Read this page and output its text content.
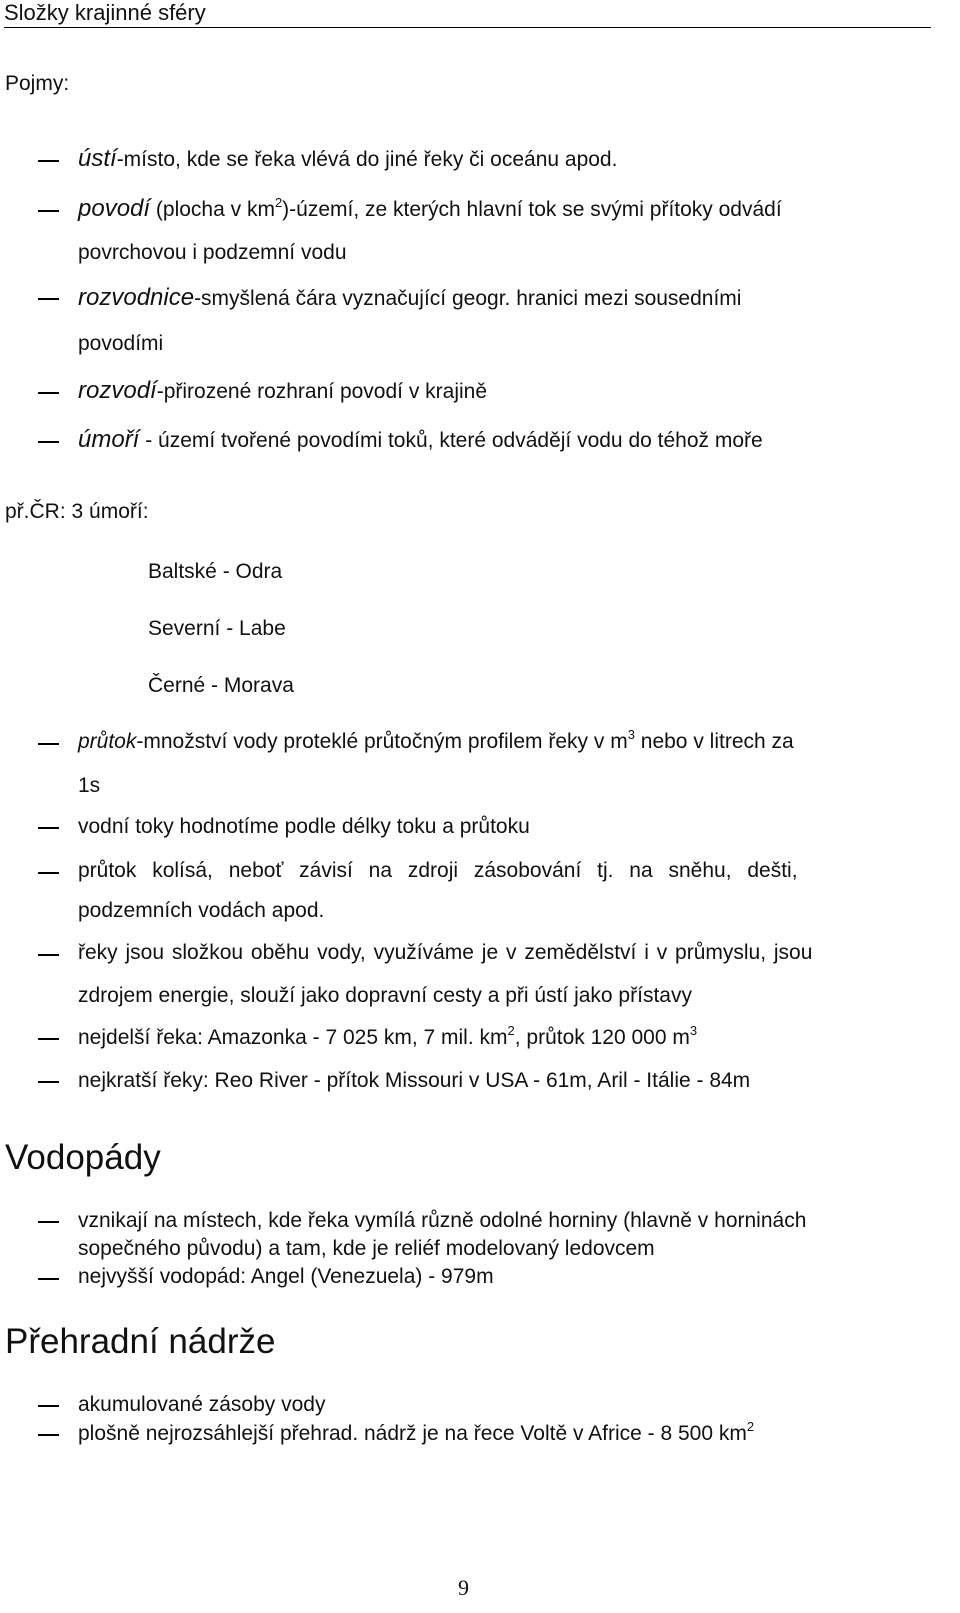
Složky krajinné sféry
Pojmy:
ústí-místo, kde se řeka vlévá do jiné řeky či oceánu apod.
povodí (plocha v $km^2$)-území, ze kterých hlavní tok se svými přítoky odvádí
povrchovou i podzemní vodu
rozvodnice-smyšlená čára vyznačující geogr. hranici mezi sousedními
povodími
rozvodí-přirozené rozhraní povodí v krajině
úmoří - území tvořené povodími toků, které odvádějí vodu do téhož moře
př.ČR: 3 úmoří:
Baltské - Odra
Severní - Labe
Černé - Morava
průtok-množství vody proteklé průtočným profilem řeky v $m^3$ nebo v litrech za
1s
vodní toky hodnotíme podle délky toku a průtoku
průtok kolísá, neboť závisí na zdroji zásobování tj. na sněhu, dešti,
podzemních vodách apod.
řeky jsou složkou oběhu vody, využíváme je v zemědělství i v průmyslu, jsou
zdrojem energie, slouží jako dopravní cesty a při ústí jako přístavy
nejdelší řeka: Amazonka - 7 025 km, 7 mil. $km^2$, průtok 120 000 $m^3$
nejkratší řeky: Reo River - přítok Missouri v USA - 61m, Aril - Itálie - 84m
Vodopády
vznikají na místech, kde řeka vymílá různě odolné horniny (hlavně v horninách
sopečného původu) a tam, kde je reliéf modelovaný ledovcem
nejvyšší vodopád: Angel (Venezuela) - 979m
Přehradní nádrže
akumulované zásoby vody
plošně nejrozsáhlejší přehrad. nádrž je na řece Voltě v Africe - 8 500 $km^2$
9
